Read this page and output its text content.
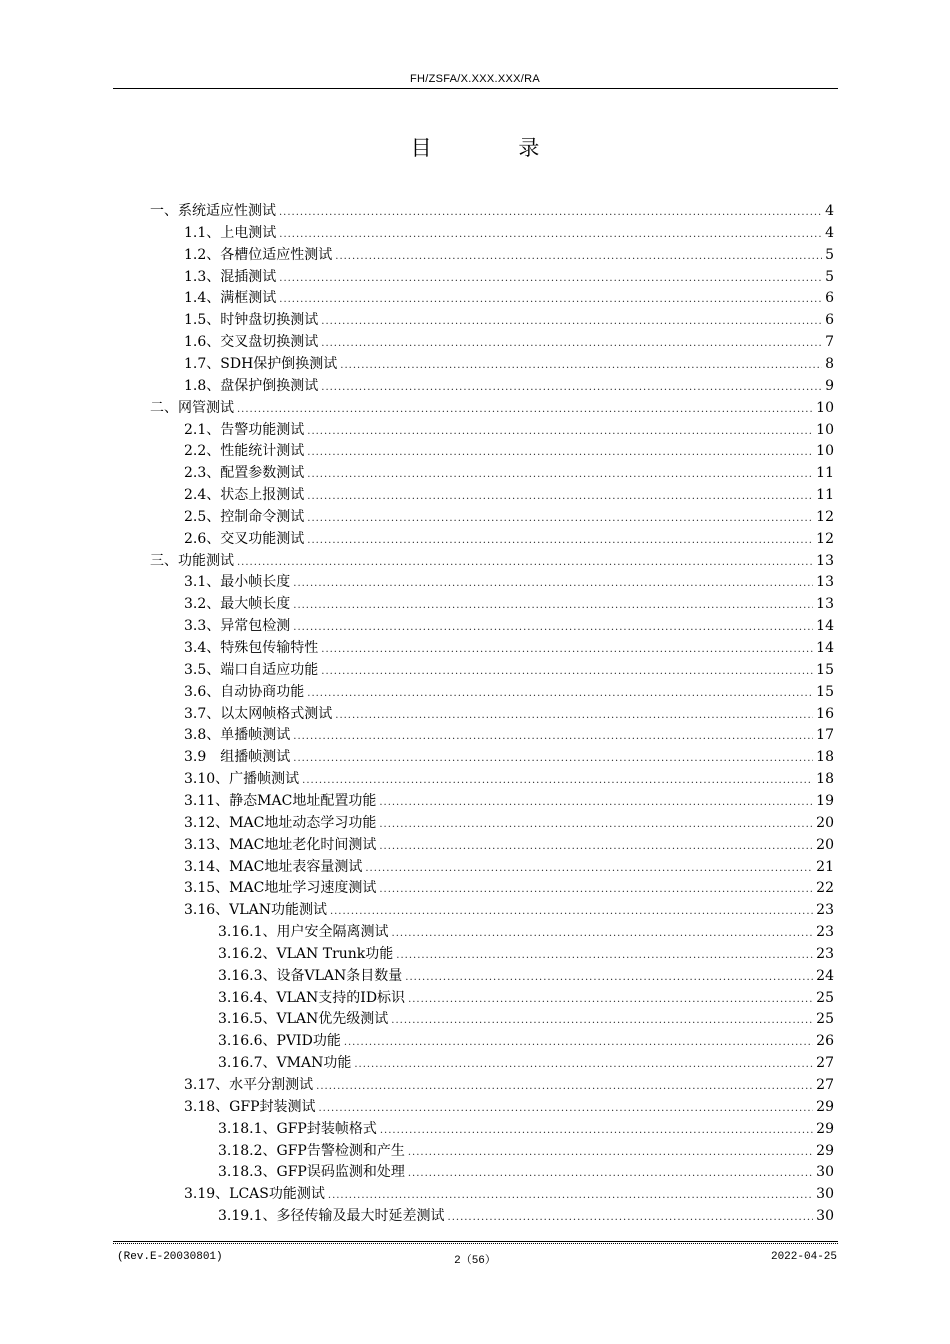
FH/ZSFA/X.XXX.XXX/RA
目 录
一、系统适应性测试 .....	4
1.1、上电测试 .....	4
1.2、各槽位适应性测试 .....	5
1.3、混插测试 .....	5
1.4、满框测试 .....	6
1.5、时钟盘切换测试 .....	6
1.6、交叉盘切换测试 .....	7
1.7、SDH保护倒换测试 .....	8
1.8、盘保护倒换测试 .....	9
二、网管测试 .....	10
2.1、告警功能测试 .....	10
2.2、性能统计测试 .....	10
2.3、配置参数测试 .....	11
2.4、状态上报测试 .....	11
2.5、控制命令测试 .....	12
2.6、交叉功能测试 .....	12
三、功能测试 .....	13
3.1、最小帧长度 .....	13
3.2、最大帧长度 .....	13
3.3、异常包检测 .....	14
3.4、特殊包传输特性 .....	14
3.5、端口自适应功能 .....	15
3.6、自动协商功能 .....	15
3.7、以太网帧格式测试 .....	16
3.8、单播帧测试 .....	17
3.9　组播帧测试 .....	18
3.10、广播帧测试 .....	18
3.11、静态MAC地址配置功能 .....	19
3.12、MAC地址动态学习功能 .....	20
3.13、MAC地址老化时间测试 .....	20
3.14、MAC地址表容量测试 .....	21
3.15、MAC地址学习速度测试 .....	22
3.16、VLAN功能测试 .....	23
3.16.1、用户安全隔离测试 .....	23
3.16.2、VLAN Trunk功能 .....	23
3.16.3、设备VLAN条目数量 .....	24
3.16.4、VLAN支持的ID标识 .....	25
3.16.5、VLAN优先级测试 .....	25
3.16.6、PVID功能 .....	26
3.16.7、VMAN功能 .....	27
3.17、水平分割测试 .....	27
3.18、GFP封装测试 .....	29
3.18.1、GFP封装帧格式 .....	29
3.18.2、GFP告警检测和产生 .....	29
3.18.3、GFP误码监测和处理 .....	30
3.19、LCAS功能测试 .....	30
3.19.1、多径传输及最大时延差测试 .....	30
(Rev.E-20030801)	2（56）	2022-04-25
